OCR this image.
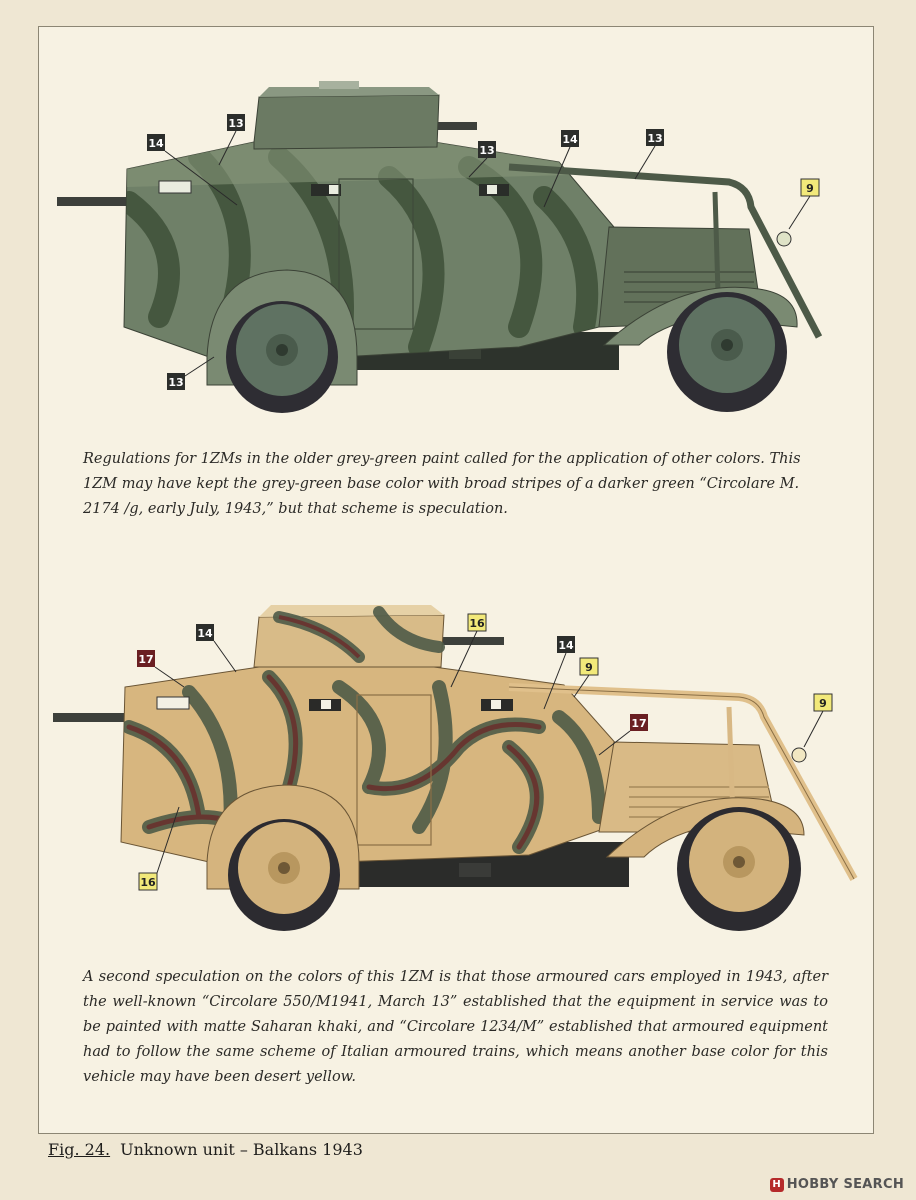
14
13
13
14	13
9
13
14
17
16
14
9
9
17
16

Regulations for 1ZMs in the older grey-green paint called for the application of other colors. This 1ZM may have kept the grey-green base color with broad stripes of a darker green “Circolare M. 2174 /g, early July, 1943,” but that scheme is speculation.

A second speculation on the colors of this 1ZM is that those armoured cars employed in 1943, after the well-known “Circolare 550/M1941, March 13” established that the equipment in service was to be painted with matte Saharan khaki, and “Circolare 1234/M” established that armoured equipment had to follow the same scheme of Italian armoured trains, which means another base color for this vehicle may have been desert yellow.

Fig. 24. Unknown unit – Balkans 1943

H HOBBY SEARCH
